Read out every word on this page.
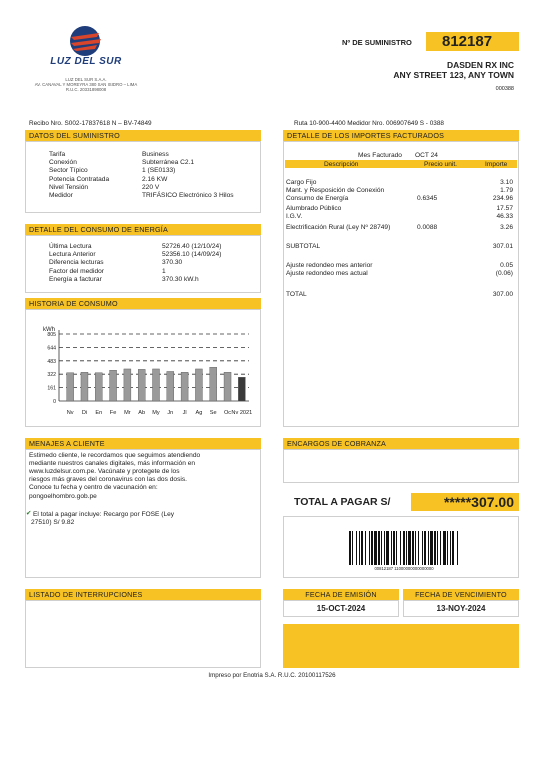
LUZ DEL SUR
LUZ DEL SUR S.A.A.
AV. CANAVAL Y MOREYRA 380 SAN ISIDRO – LIMA
R.U.C. 20331898008
Nº DE SUMINISTRO	812187
DASDEN RX INC
ANY STREET 123, ANY TOWN
000388
Recibo Nro. S002-17837618 N – BV-74849	Ruta 10-900-4400 Medidor Nro. 006907649 S - 0388
DATOS DEL SUMINISTRO
Tarifa	Business
Conexión	Subterránea C2.1
Sector Típico	1 (SE0133)
Potencia Contratada	2.16 KW
Nivel Tensión	220 V
Medidor	TRIFÁSICO Electrónico 3 Hilos
DETALLE DEL CONSUMO DE ENERGÍA
Última Lectura	52726.40 (12/10/24)
Lectura Anterior	52356.10 (14/09/24)
Diferencia lecturas	370.30
Factor del medidor	1
Energía a facturar	370.30 kW.h
HISTORIA DE CONSUMO
kWh
805
644
483
322
161
0
Nv Di En Fe Mr Ab My Jn Jl Ag Se Oc Nv 2021
DETALLE DE LOS IMPORTES FACTURADOS
Mes Facturado OCT 24
Descripción	Precio unit.	Importe
Cargo Fijo	3.10
Mant. y Resposición de Conexión	1.79
Consumo de Energía	0.6345	234.96
Alumbrado Público	17.57
I.G.V.	46.33
Electrificación Rural (Ley Nº 28749)	0.0088	3.26
SUBTOTAL	307.01
Ajuste redondeo mes anterior	0.05
Ajuste redondeo mes actual	(0.06)
TOTAL	307.00
MENAJES A CLIENTE
Estimedo cliente, le recordamos que seguimos atendiendo
mediante nuestros canales digitales, más información en
www.luzdelsur.com.pe. Vacúnate y protegete de los
riesgos más graves del coronavirus con las dos dosis.
Conoce tu fecha y centro de vacunación en:
pongoelhombro.gob.pe
✔ El total a pagar incluye: Recargo por FOSE (Ley
27510) S/ 9.82
ENCARGOS DE COBRANZA
TOTAL A PAGAR S/	*****307.00
00812187 11000000000000000
LISTADO DE INTERRUPCIONES	FECHA DE EMISIÓN
15-OCT-2024
FECHA DE VENCIMIENTO
13-NOY-2024
Impreso por Enotria S.A. R.U.C. 20100117526
